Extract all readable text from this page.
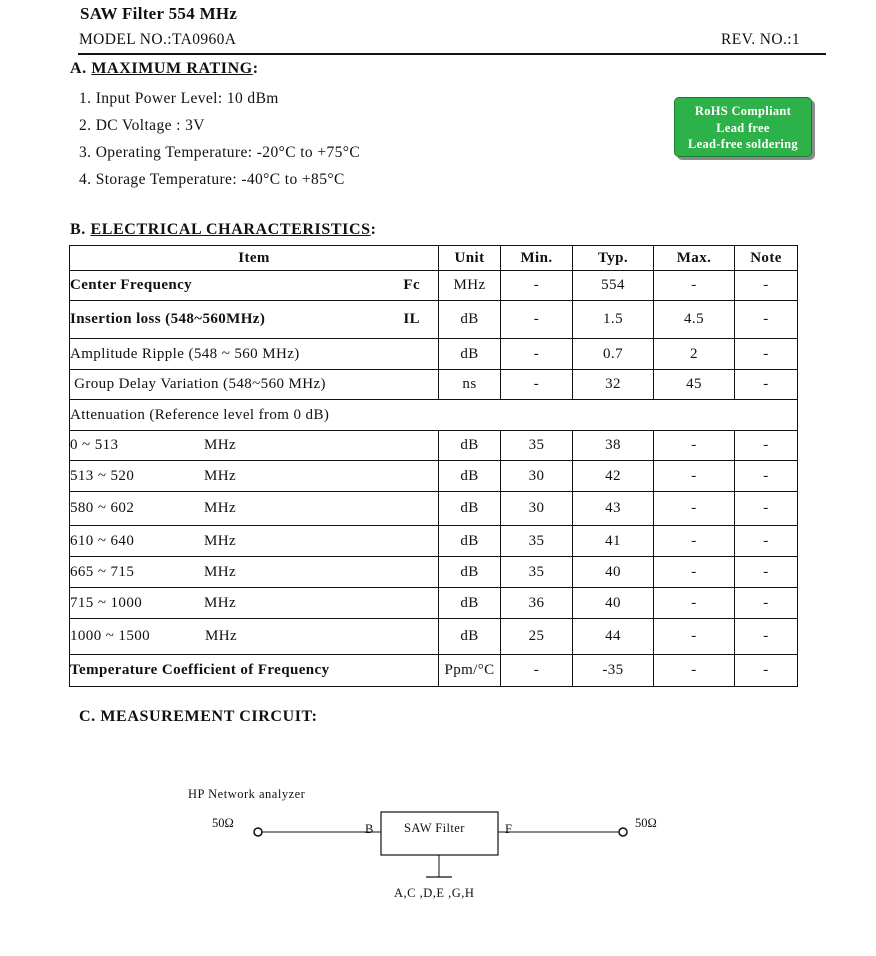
SAW Filter 554 MHz
MODEL NO.:TA0960A	REV. NO.:1
A. MAXIMUM RATING:
1. Input Power Level: 10 dBm
2. DC Voltage : 3V
3. Operating Temperature: -20°C to +75°C
4. Storage Temperature: -40°C to +85°C
RoHS Compliant
Lead free
Lead-free soldering
B. ELECTRICAL CHARACTERISTICS:
Item	Unit	Min.	Typ.	Max.	Note

Center Frequency Fc	MHz	-	554	-	-

Insertion loss (548~560MHz) IL	dB	-	1.5	4.5	-
Amplitude Ripple (548 ~ 560 MHz)	dB	-	0.7	2	-
Group Delay Variation (548~560 MHz)	ns	-	32	45	-
Attenuation (Reference level from 0 dB)					
0 ~ 513 MHz	dB	35	38	-	-
513 ~ 520 MHz	dB	30	42	-	-
580 ~ 602 MHz	dB	30	43	-	-
610 ~ 640 MHz	dB	35	41	-	-
665 ~ 715 MHz	dB	35	40	-	-
715 ~ 1000 MHz	dB	36	40	-	-
1000 ~ 1500 MHz	dB	25	44	-	-
Temperature Coefficient of Frequency	Ppm/°C	-	-35	-	-
C. MEASUREMENT CIRCUIT:
HP Network analyzer
50Ω	50Ω
B	F
SAW Filter
A,C ,D,E ,G,H
